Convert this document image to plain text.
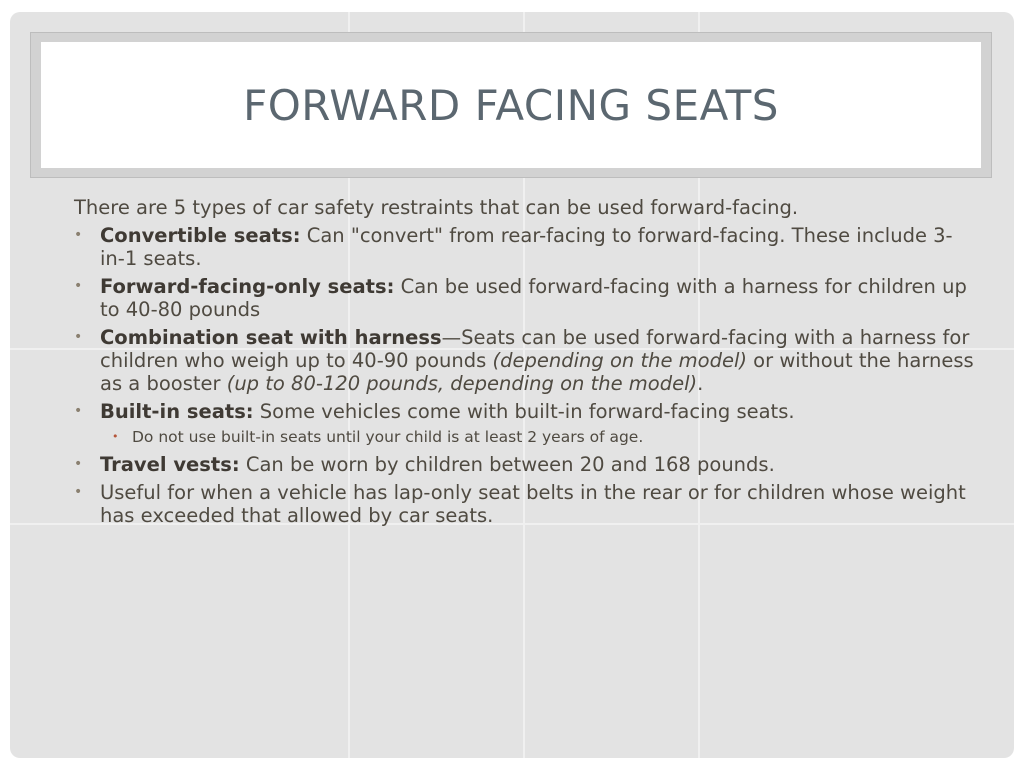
FORWARD FACING SEATS

There are 5 types of car safety restraints that can be used forward-facing.

• Convertible seats: Can "convert" from rear-facing to forward-facing. These include 3-in-1 seats.
• Forward-facing-only seats: Can be used forward-facing with a harness for children up to 40-80 pounds
• Combination seat with harness—Seats can be used forward-facing with a harness for children who weigh up to 40-90 pounds (depending on the model) or without the harness as a booster (up to 80-120 pounds, depending on the model).
• Built-in seats: Some vehicles come with built-in forward-facing seats.
• Do not use built-in seats until your child is at least 2 years of age.
• Travel vests: Can be worn by children between 20 and 168 pounds.
• Useful for when a vehicle has lap-only seat belts in the rear or for children whose weight has exceeded that allowed by car seats.
